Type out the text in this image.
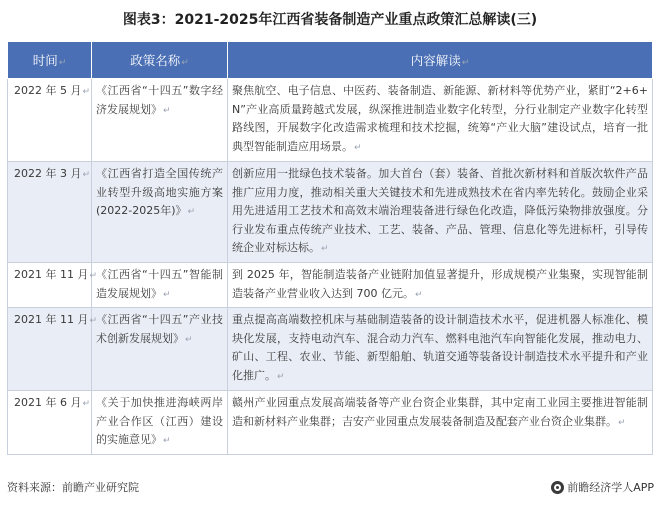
图表3：2021-2025年江西省装备制造产业重点政策汇总解读(三)
时间↵	政策名称↵	内容解读↵
2022 年 5 月↵	《江西省“十四五”数字经济发展规划》↵	聚焦航空、电子信息、中医药、装备制造、新能源、新材料等优势产业，紧盯“2+6+N”产业高质量跨越式发展，纵深推进制造业数字化转型，分行业制定产业数字化转型路线图，开展数字化改造需求梳理和技术挖掘，统筹“产业大脑”建设试点，培育一批典型智能制造应用场景。↵
2022 年 3 月↵	《江西省打造全国传统产业转型升级高地实施方案(2022-2025年)》↵	创新应用一批绿色技术装备。加大首台（套）装备、首批次新材料和首版次软件产品推广应用力度，推动相关重大关键技术和先进成熟技术在省内率先转化。鼓励企业采用先进适用工艺技术和高效末端治理装备进行绿色化改造，降低污染物排放强度。分行业发布重点传统产业技术、工艺、装备、产品、管理、信息化等先进标杆，引导传统企业对标达标。↵
2021 年 11 月↵	《江西省“十四五”智能制造发展规划》↵	到 2025 年，智能制造装备产业链附加值显著提升，形成规模产业集聚，实现智能制造装备产业营业收入达到 700 亿元。↵
2021 年 11 月↵	《江西省“十四五”产业技术创新发展规划》↵	重点提高高端数控机床与基础制造装备的设计制造技术水平，促进机器人标准化、模块化发展，支持电动汽车、混合动力汽车、燃料电池汽车向智能化发展，推动电力、矿山、工程、农业、节能、新型船舶、轨道交通等装备设计制造技术水平提升和产业化推广。↵
2021 年 6 月↵	《关于加快推进海峡两岸产业合作区（江西）建设的实施意见》↵	赣州产业园重点发展高端装备等产业台资企业集群，其中定南工业园主要推进智能制造和新材料产业集群；吉安产业园重点发展装备制造及配套产业台资企业集群。↵
资料来源：前瞻产业研究院	前瞻经济学人APP
